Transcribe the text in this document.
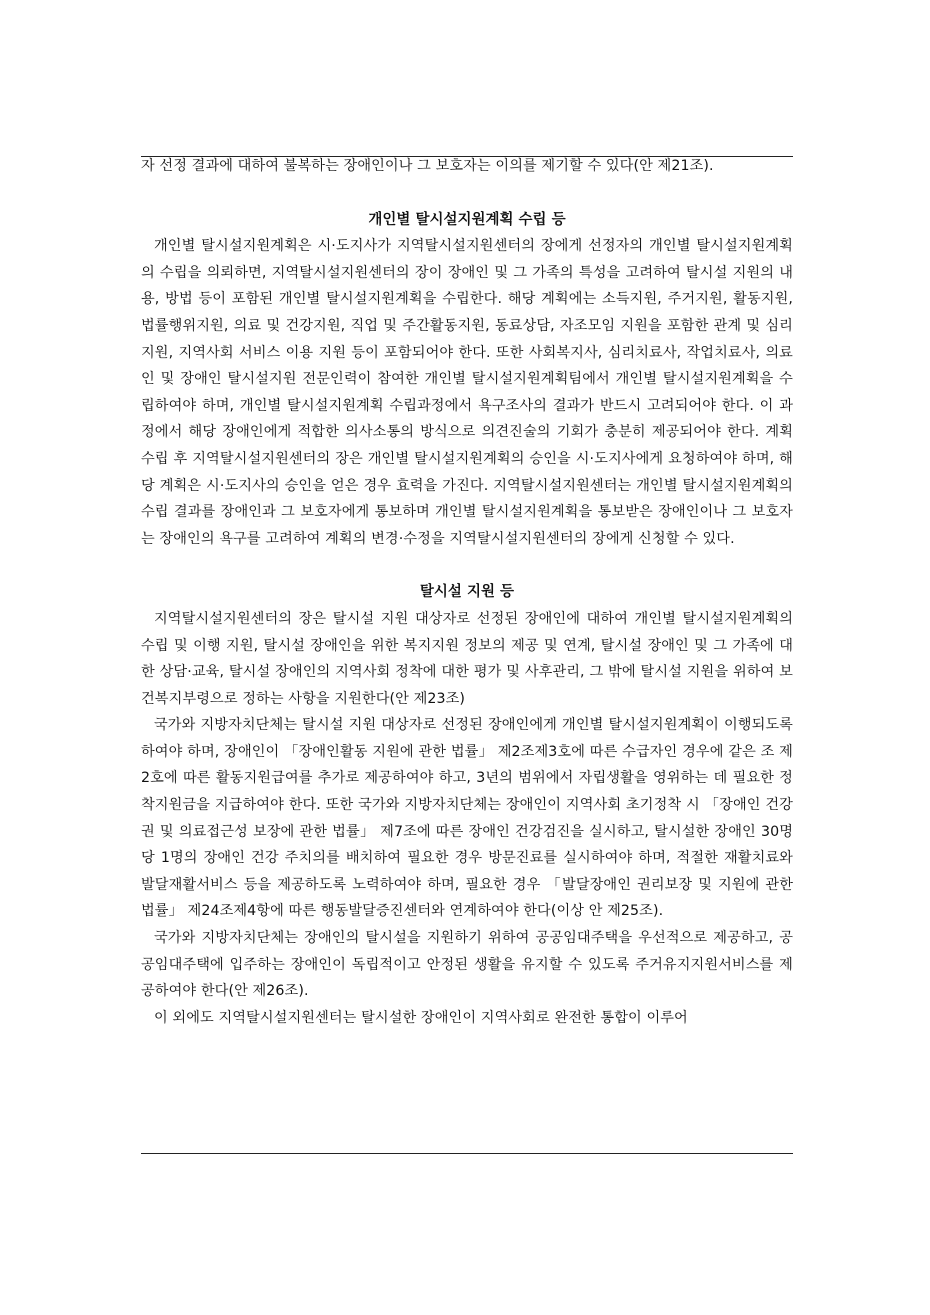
자 선정 결과에 대하여 불복하는 장애인이나 그 보호자는 이의를 제기할 수 있다(안 제21조).

개인별 탈시설지원계획 수립 등

개인별 탈시설지원계획은 시·도지사가 지역탈시설지원센터의 장에게 선정자의 개인별 탈시설지원계획의 수립을 의뢰하면, 지역탈시설지원센터의 장이 장애인 및 그 가족의 특성을 고려하여 탈시설 지원의 내용, 방법 등이 포함된 개인별 탈시설지원계획을 수립한다. 해당 계획에는 소득지원, 주거지원, 활동지원, 법률행위지원, 의료 및 건강지원, 직업 및 주간활동지원, 동료상담, 자조모임 지원을 포함한 관계 및 심리지원, 지역사회 서비스 이용 지원 등이 포함되어야 한다. 또한 사회복지사, 심리치료사, 작업치료사, 의료인 및 장애인 탈시설지원 전문인력이 참여한 개인별 탈시설지원계획팀에서 개인별 탈시설지원계획을 수립하여야 하며, 개인별 탈시설지원계획 수립과정에서 욕구조사의 결과가 반드시 고려되어야 한다. 이 과정에서 해당 장애인에게 적합한 의사소통의 방식으로 의견진술의 기회가 충분히 제공되어야 한다. 계획 수립 후 지역탈시설지원센터의 장은 개인별 탈시설지원계획의 승인을 시·도지사에게 요청하여야 하며, 해당 계획은 시·도지사의 승인을 얻은 경우 효력을 가진다. 지역탈시설지원센터는 개인별 탈시설지원계획의 수립 결과를 장애인과 그 보호자에게 통보하며 개인별 탈시설지원계획을 통보받은 장애인이나 그 보호자는 장애인의 욕구를 고려하여 계획의 변경·수정을 지역탈시설지원센터의 장에게 신청할 수 있다.

탈시설 지원 등

지역탈시설지원센터의 장은 탈시설 지원 대상자로 선정된 장애인에 대하여 개인별 탈시설지원계획의 수립 및 이행 지원, 탈시설 장애인을 위한 복지지원 정보의 제공 및 연계, 탈시설 장애인 및 그 가족에 대한 상담·교육, 탈시설 장애인의 지역사회 정착에 대한 평가 및 사후관리, 그 밖에 탈시설 지원을 위하여 보건복지부령으로 정하는 사항을 지원한다(안 제23조)

국가와 지방자치단체는 탈시설 지원 대상자로 선정된 장애인에게 개인별 탈시설지원계획이 이행되도록 하여야 하며, 장애인이 「장애인활동 지원에 관한 법률」 제2조제3호에 따른 수급자인 경우에 같은 조 제2호에 따른 활동지원급여를 추가로 제공하여야 하고, 3년의 범위에서 자립생활을 영위하는 데 필요한 정착지원금을 지급하여야 한다. 또한 국가와 지방자치단체는 장애인이 지역사회 초기정착 시 「장애인 건강권 및 의료접근성 보장에 관한 법률」 제7조에 따른 장애인 건강검진을 실시하고, 탈시설한 장애인 30명당 1명의 장애인 건강 주치의를 배치하여 필요한 경우 방문진료를 실시하여야 하며, 적절한 재활치료와 발달재활서비스 등을 제공하도록 노력하여야 하며, 필요한 경우 「발달장애인 권리보장 및 지원에 관한 법률」 제24조제4항에 따른 행동발달증진센터와 연계하여야 한다(이상 안 제25조).

국가와 지방자치단체는 장애인의 탈시설을 지원하기 위하여 공공임대주택을 우선적으로 제공하고, 공공임대주택에 입주하는 장애인이 독립적이고 안정된 생활을 유지할 수 있도록 주거유지지원서비스를 제공하여야 한다(안 제26조).

이 외에도 지역탈시설지원센터는 탈시설한 장애인이 지역사회로 완전한 통합이 이루어
